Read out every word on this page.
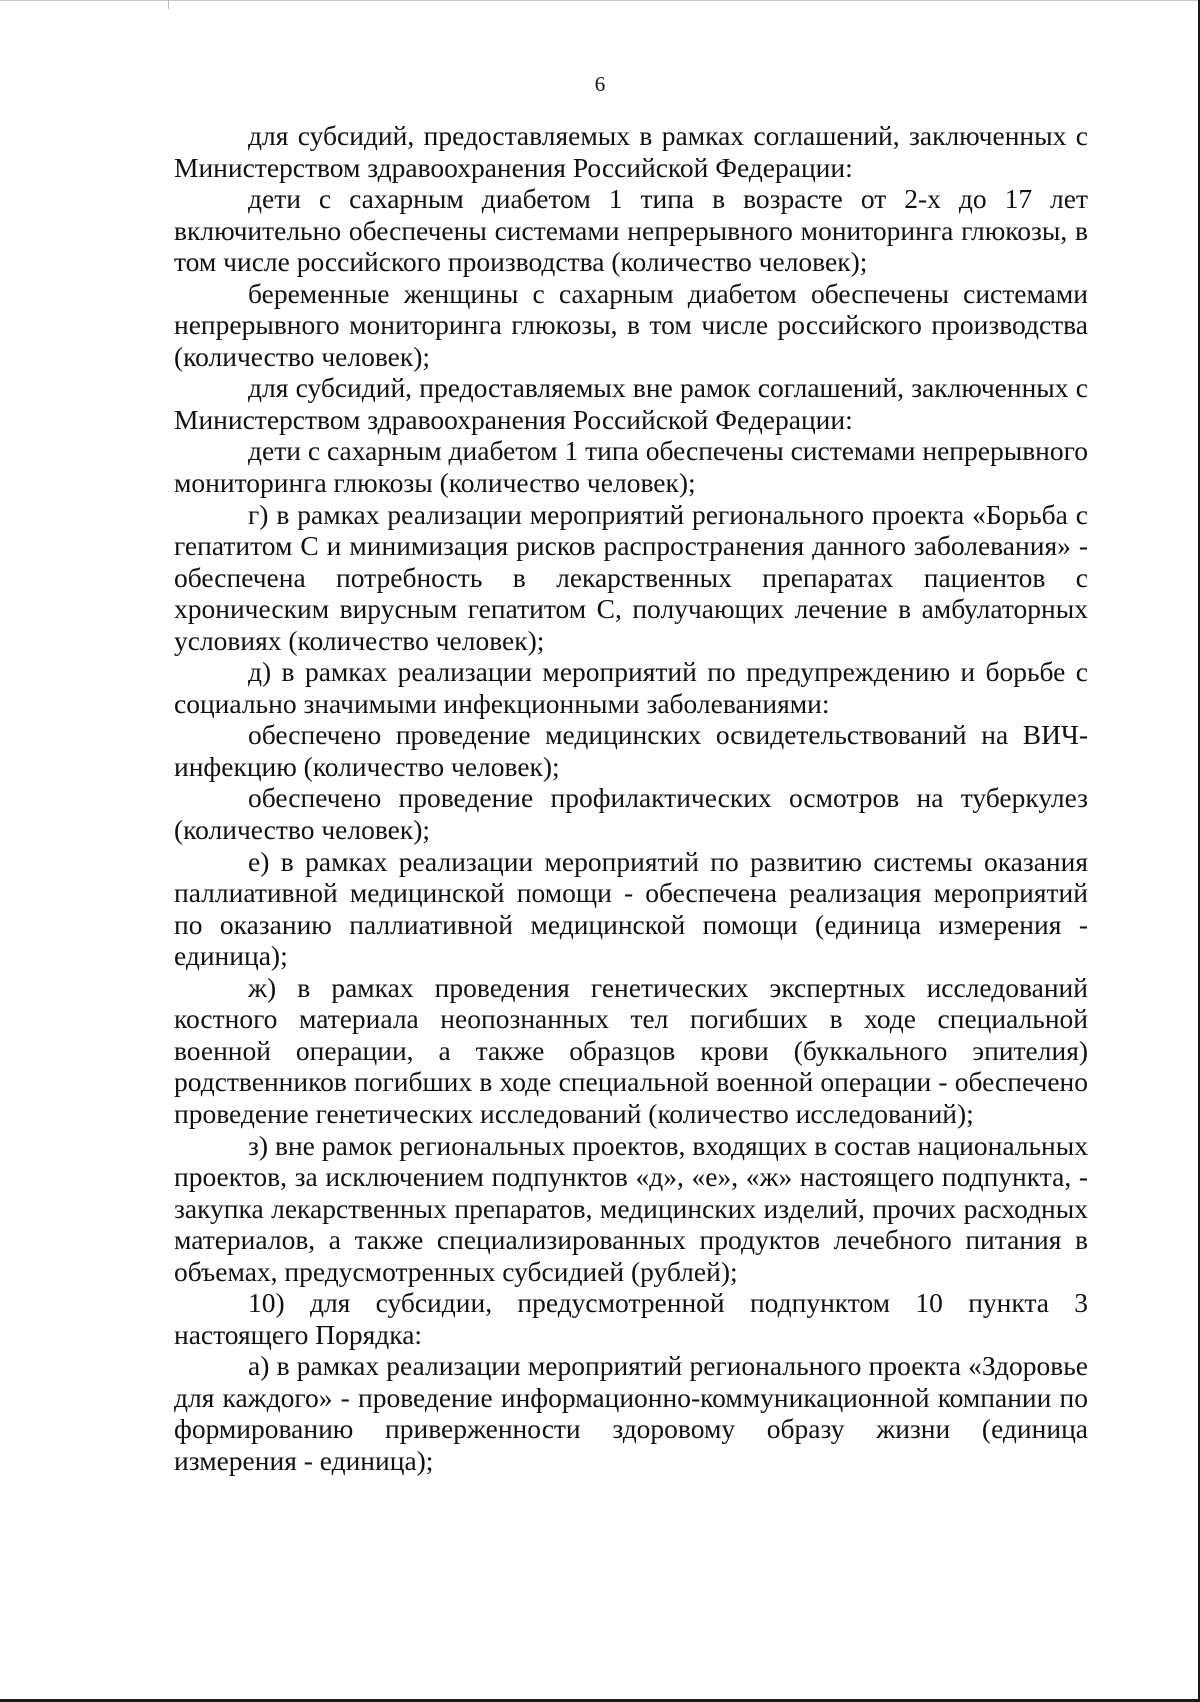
6

для субсидий, предоставляемых в рамках соглашений, заключенных с Министерством здравоохранения Российской Федерации:

дети с сахарным диабетом 1 типа в возрасте от 2-х до 17 лет включительно обеспечены системами непрерывного мониторинга глюкозы, в том числе российского производства (количество человек);

беременные женщины с сахарным диабетом обеспечены системами непрерывного мониторинга глюкозы, в том числе российского производства (количество человек);

для субсидий, предоставляемых вне рамок соглашений, заключенных с Министерством здравоохранения Российской Федерации:

дети с сахарным диабетом 1 типа обеспечены системами непрерывного мониторинга глюкозы (количество человек);

г) в рамках реализации мероприятий регионального проекта «Борьба с гепатитом С и минимизация рисков распространения данного заболевания» - обеспечена потребность в лекарственных препаратах пациентов с хроническим вирусным гепатитом С, получающих лечение в амбулаторных условиях (количество человек);

д) в рамках реализации мероприятий по предупреждению и борьбе с социально значимыми инфекционными заболеваниями:

обеспечено проведение медицинских освидетельствований на ВИЧ-инфекцию (количество человек);

обеспечено проведение профилактических осмотров на туберкулез (количество человек);

е) в рамках реализации мероприятий по развитию системы оказания паллиативной медицинской помощи - обеспечена реализация мероприятий по оказанию паллиативной медицинской помощи (единица измерения - единица);

ж) в рамках проведения генетических экспертных исследований костного материала неопознанных тел погибших в ходе специальной военной операции, а также образцов крови (буккального эпителия) родственников погибших в ходе специальной военной операции - обеспечено проведение генетических исследований (количество исследований);

з) вне рамок региональных проектов, входящих в состав национальных проектов, за исключением подпунктов «д», «е», «ж» настоящего подпункта, - закупка лекарственных препаратов, медицинских изделий, прочих расходных материалов, а также специализированных продуктов лечебного питания в объемах, предусмотренных субсидией (рублей);

10) для субсидии, предусмотренной подпунктом 10 пункта 3 настоящего Порядка:

а) в рамках реализации мероприятий регионального проекта «Здоровье для каждого» - проведение информационно-коммуникационной компании по формированию приверженности здоровому образу жизни (единица измерения - единица);
